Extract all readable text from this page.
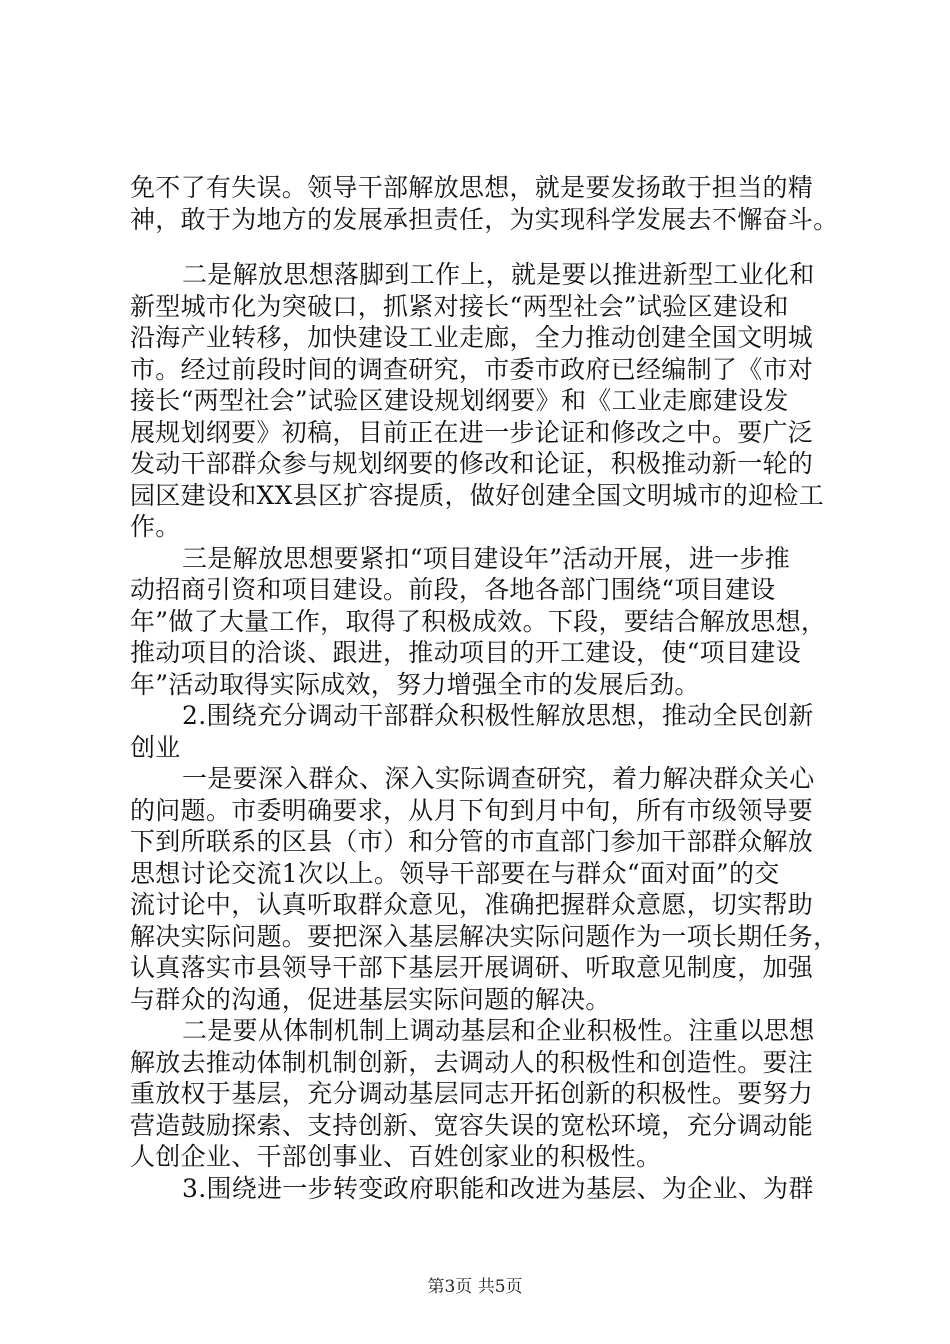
免不了有失误。领导干部解放思想，就是要发扬敢于担当的精
神，敢于为地方的发展承担责任，为实现科学发展去不懈奋斗。
二是解放思想落脚到工作上，就是要以推进新型工业化和
新型城市化为突破口，抓紧对接长“两型社会”试验区建设和
沿海产业转移，加快建设工业走廊，全力推动创建全国文明城
市。经过前段时间的调查研究，市委市政府已经编制了《市对
接长“两型社会”试验区建设规划纲要》和《工业走廊建设发
展规划纲要》初稿，目前正在进一步论证和修改之中。要广泛
发动干部群众参与规划纲要的修改和论证，积极推动新一轮的
园区建设和XX县区扩容提质，做好创建全国文明城市的迎检工
作。
三是解放思想要紧扣“项目建设年”活动开展，进一步推
动招商引资和项目建设。前段，各地各部门围绕“项目建设
年”做了大量工作，取得了积极成效。下段，要结合解放思想，
推动项目的洽谈、跟进，推动项目的开工建设，使“项目建设
年”活动取得实际成效，努力增强全市的发展后劲。
2.围绕充分调动干部群众积极性解放思想，推动全民创新
创业
一是要深入群众、深入实际调查研究，着力解决群众关心
的问题。市委明确要求，从月下旬到月中旬，所有市级领导要
下到所联系的区县（市）和分管的市直部门参加干部群众解放
思想讨论交流1次以上。领导干部要在与群众“面对面”的交
流讨论中，认真听取群众意见，准确把握群众意愿，切实帮助
解决实际问题。要把深入基层解决实际问题作为一项长期任务，
认真落实市县领导干部下基层开展调研、听取意见制度，加强
与群众的沟通，促进基层实际问题的解决。
二是要从体制机制上调动基层和企业积极性。注重以思想
解放去推动体制机制创新，去调动人的积极性和创造性。要注
重放权于基层，充分调动基层同志开拓创新的积极性。要努力
营造鼓励探索、支持创新、宽容失误的宽松环境，充分调动能
人创企业、干部创事业、百姓创家业的积极性。
3.围绕进一步转变政府职能和改进为基层、为企业、为群
第3页 共5页
